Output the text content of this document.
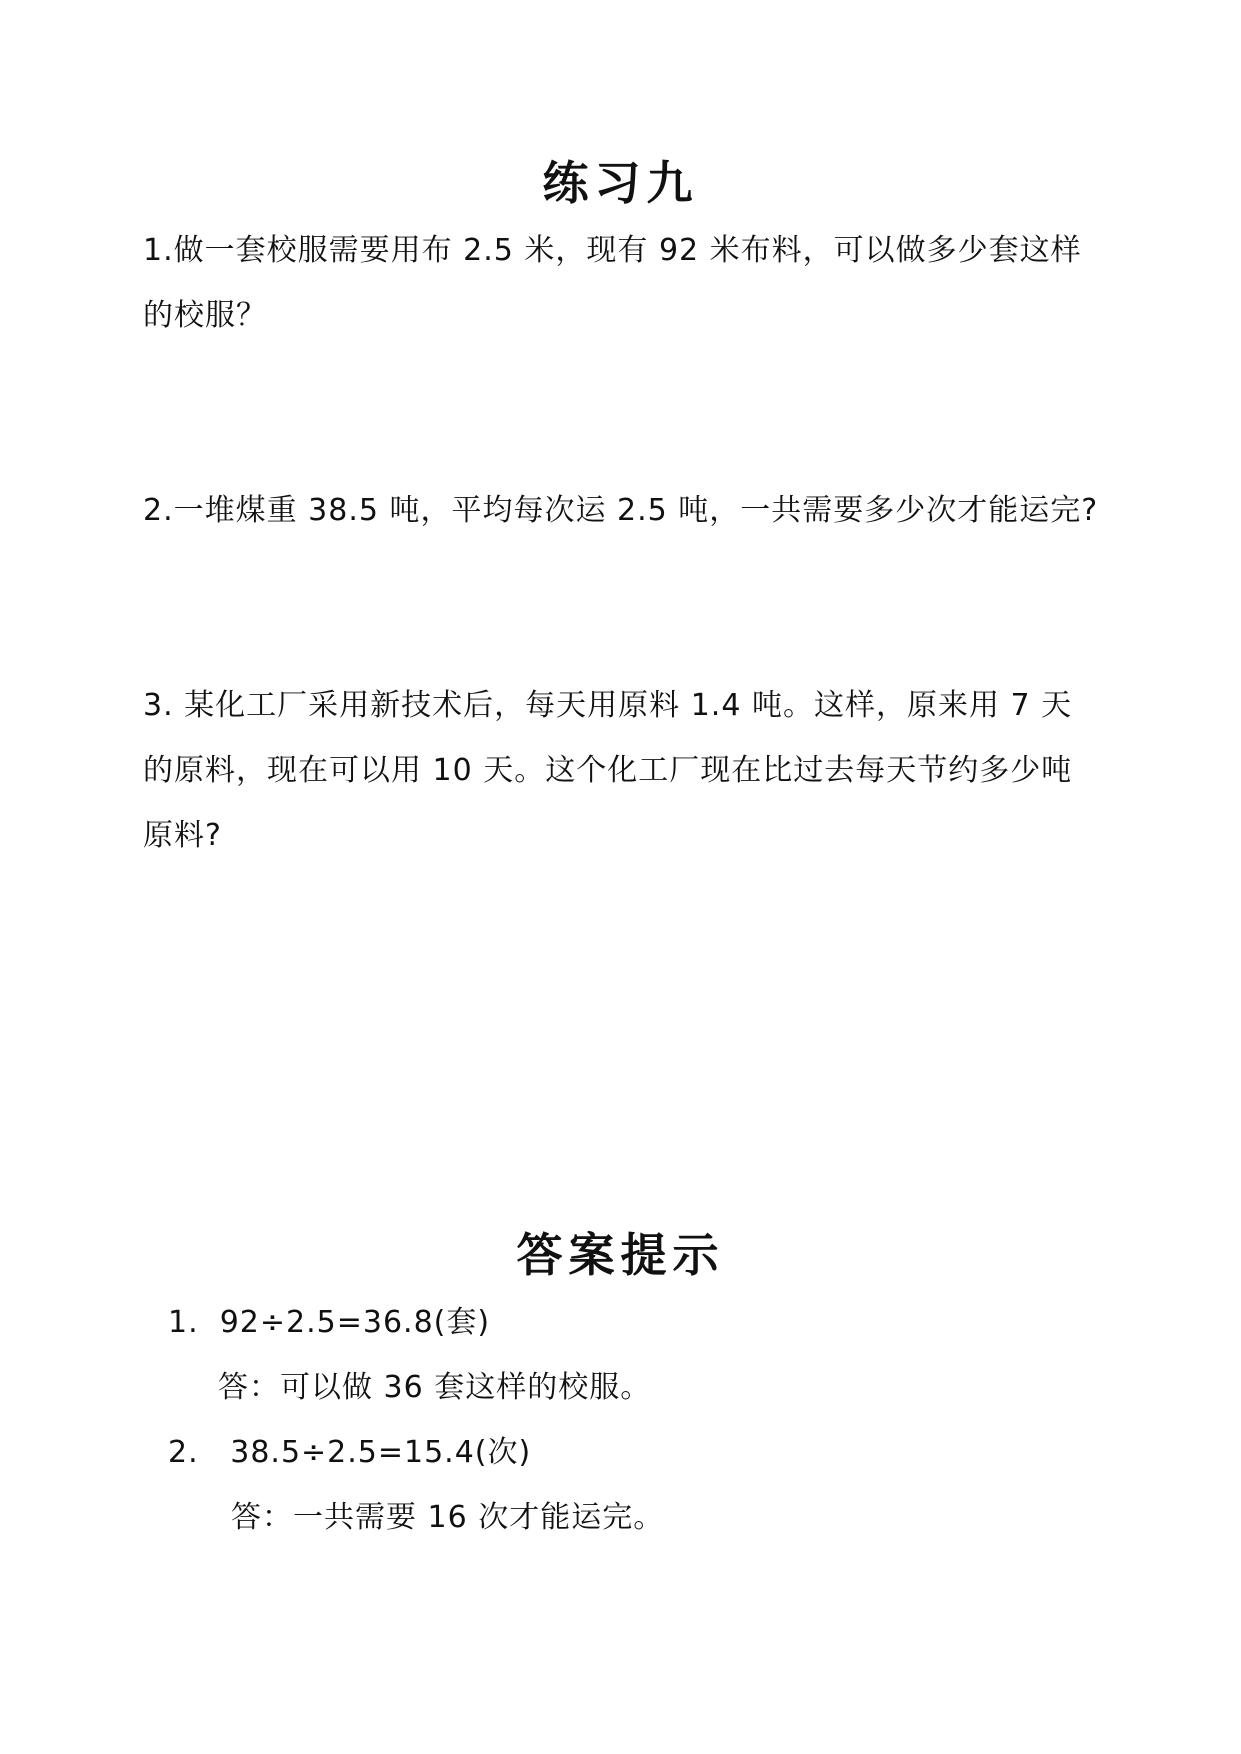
练习九
1.做一套校服需要用布 2.5 米，现有 92 米布料，可以做多少套这样
的校服？
2.一堆煤重 38.5 吨，平均每次运 2.5 吨，一共需要多少次才能运完?
3. 某化工厂采用新技术后，每天用原料 1.4 吨。这样，原来用 7 天
的原料，现在可以用 10 天。这个化工厂现在比过去每天节约多少吨
原料?
答案提示
1.  92÷2.5=36.8(套)
答：可以做 36 套这样的校服。
2.   38.5÷2.5=15.4(次)
答：一共需要 16 次才能运完。
